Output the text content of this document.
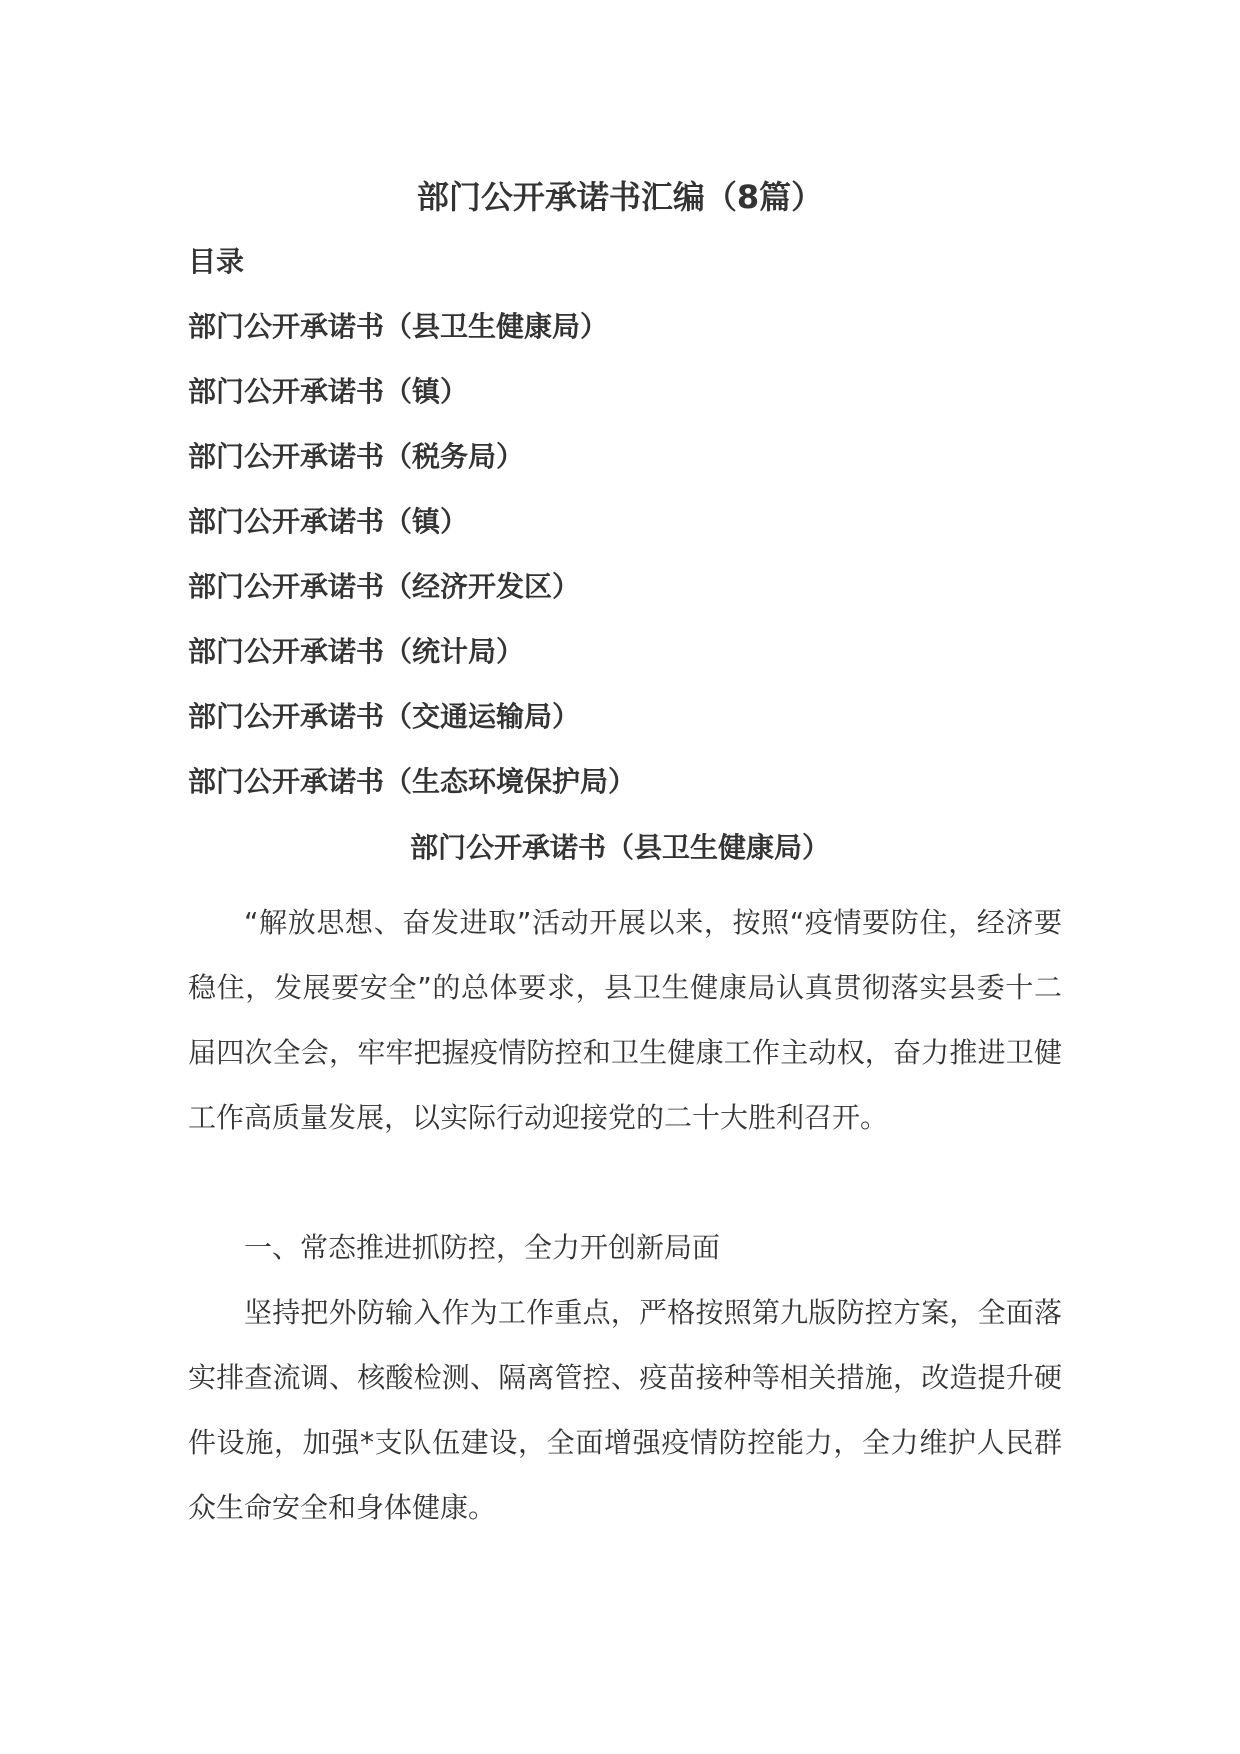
部门公开承诺书汇编（8篇）
目录
部门公开承诺书（县卫生健康局）
部门公开承诺书（镇）
部门公开承诺书（税务局）
部门公开承诺书（镇）
部门公开承诺书（经济开发区）
部门公开承诺书（统计局）
部门公开承诺书（交通运输局）
部门公开承诺书（生态环境保护局）
部门公开承诺书（县卫生健康局）

“解放思想、奋发进取”活动开展以来，按照“疫情要防住，经济要稳住，发展要安全”的总体要求，县卫生健康局认真贯彻落实县委十二届四次全会，牢牢把握疫情防控和卫生健康工作主动权，奋力推进卫健工作高质量发展，以实际行动迎接党的二十大胜利召开。

一、常态推进抓防控，全力开创新局面

坚持把外防输入作为工作重点，严格按照第九版防控方案，全面落实排查流调、核酸检测、隔离管控、疫苗接种等相关措施，改造提升硬件设施，加强*支队伍建设，全面增强疫情防控能力，全力维护人民群众生命安全和身体健康。
